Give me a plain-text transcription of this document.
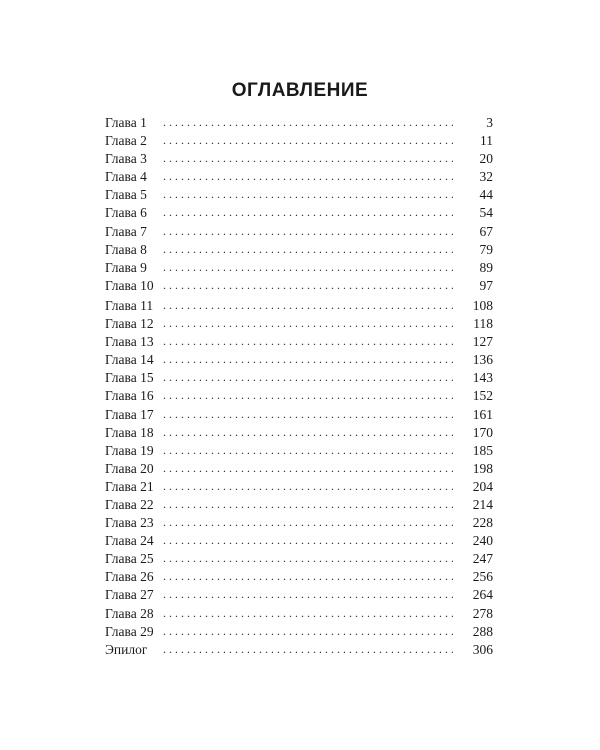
ОГЛАВЛЕНИЕ
Глава 1 . . .	3
Глава 2 . . .	11
Глава 3 . . .	20
Глава 4 . . .	32
Глава 5 . . .	44
Глава 6 . . .	54
Глава 7 . . .	67
Глава 8 . . .	79
Глава 9 . . .	89
Глава 10 . . .	97
Глава 11 . . .	108
Глава 12 . . .	118
Глава 13 . . .	127
Глава 14 . . .	136
Глава 15 . . .	143
Глава 16 . . .	152
Глава 17 . . .	161
Глава 18 . . .	170
Глава 19 . . .	185
Глава 20 . . .	198
Глава 21 . . .	204
Глава 22 . . .	214
Глава 23 . . .	228
Глава 24 . . .	240
Глава 25 . . .	247
Глава 26 . . .	256
Глава 27 . . .	264
Глава 28 . . .	278
Глава 29 . . .	288
Эпилог . . .	306
